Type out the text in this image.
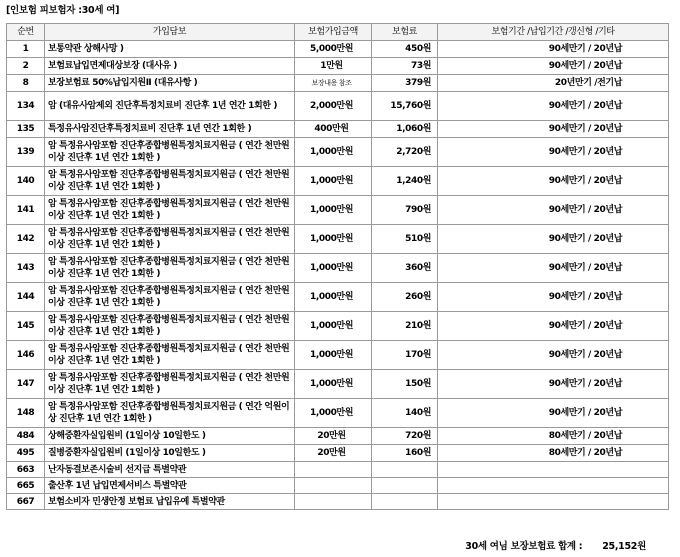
[인보험 피보험자 :30세 여]
순번	가입담보	보험가입금액	보험료	보험기간 /납입기간 /갱신형 /기타
1	보통약관 상해사망 )	5,000만원	450원	90세만기 / 20년납
2	보험료납입면제대상보장 (대사유 )	1만원	73원	90세만기 / 20년납
8	보장보험료 50%납입지원Ⅱ (대유사항 )	보장내용 참조	379원	20년만기 /전기납
134	암 (대유사암제외 진단후특정치료비 진단후 1년 연간 1회한 )	2,000만원	15,760원	90세만기 / 20년납
135	특정유사암진단후특정치료비 진단후 1년 연간 1회한 )	400만원	1,060원	90세만기 / 20년납
139	암 특정유사암포함 진단후종합병원특정치료지원금 ( 연간 천만원이상 진단후 1년 연간 1회한 )	1,000만원	2,720원	90세만기 / 20년납
140	암 특정유사암포함 진단후종합병원특정치료지원금 ( 연간 천만원이상 진단후 1년 연간 1회한 )	1,000만원	1,240원	90세만기 / 20년납
141	암 특정유사암포함 진단후종합병원특정치료지원금 ( 연간 천만원이상 진단후 1년 연간 1회한 )	1,000만원	790원	90세만기 / 20년납
142	암 특정유사암포함 진단후종합병원특정치료지원금 ( 연간 천만원이상 진단후 1년 연간 1회한 )	1,000만원	510원	90세만기 / 20년납
143	암 특정유사암포함 진단후종합병원특정치료지원금 ( 연간 천만원이상 진단후 1년 연간 1회한 )	1,000만원	360원	90세만기 / 20년납
144	암 특정유사암포함 진단후종합병원특정치료지원금 ( 연간 천만원이상 진단후 1년 연간 1회한 )	1,000만원	260원	90세만기 / 20년납
145	암 특정유사암포함 진단후종합병원특정치료지원금 ( 연간 천만원이상 진단후 1년 연간 1회한 )	1,000만원	210원	90세만기 / 20년납
146	암 특정유사암포함 진단후종합병원특정치료지원금 ( 연간 천만원이상 진단후 1년 연간 1회한 )	1,000만원	170원	90세만기 / 20년납
147	암 특정유사암포함 진단후종합병원특정치료지원금 ( 연간 천만원이상 진단후 1년 연간 1회한 )	1,000만원	150원	90세만기 / 20년납
148	암 특정유사암포함 진단후종합병원특정치료지원금 ( 연간 억원이상 진단후 1년 연간 1회한 )	1,000만원	140원	90세만기 / 20년납
484	상해중환자실입원비 (1일이상 10일한도 )	20만원	720원	80세만기 / 20년납
495	질병중환자실입원비 (1일이상 10일한도 )	20만원	160원	80세만기 / 20년납
663	난자동결보존시술비 선지급 특별약관			
665	출산후 1년 납입면제서비스 특별약관			
667	보험소비자 민생안정 보험료 납입유예 특별약관			
30세 여님 보장보험료 합계 : 25,152원
